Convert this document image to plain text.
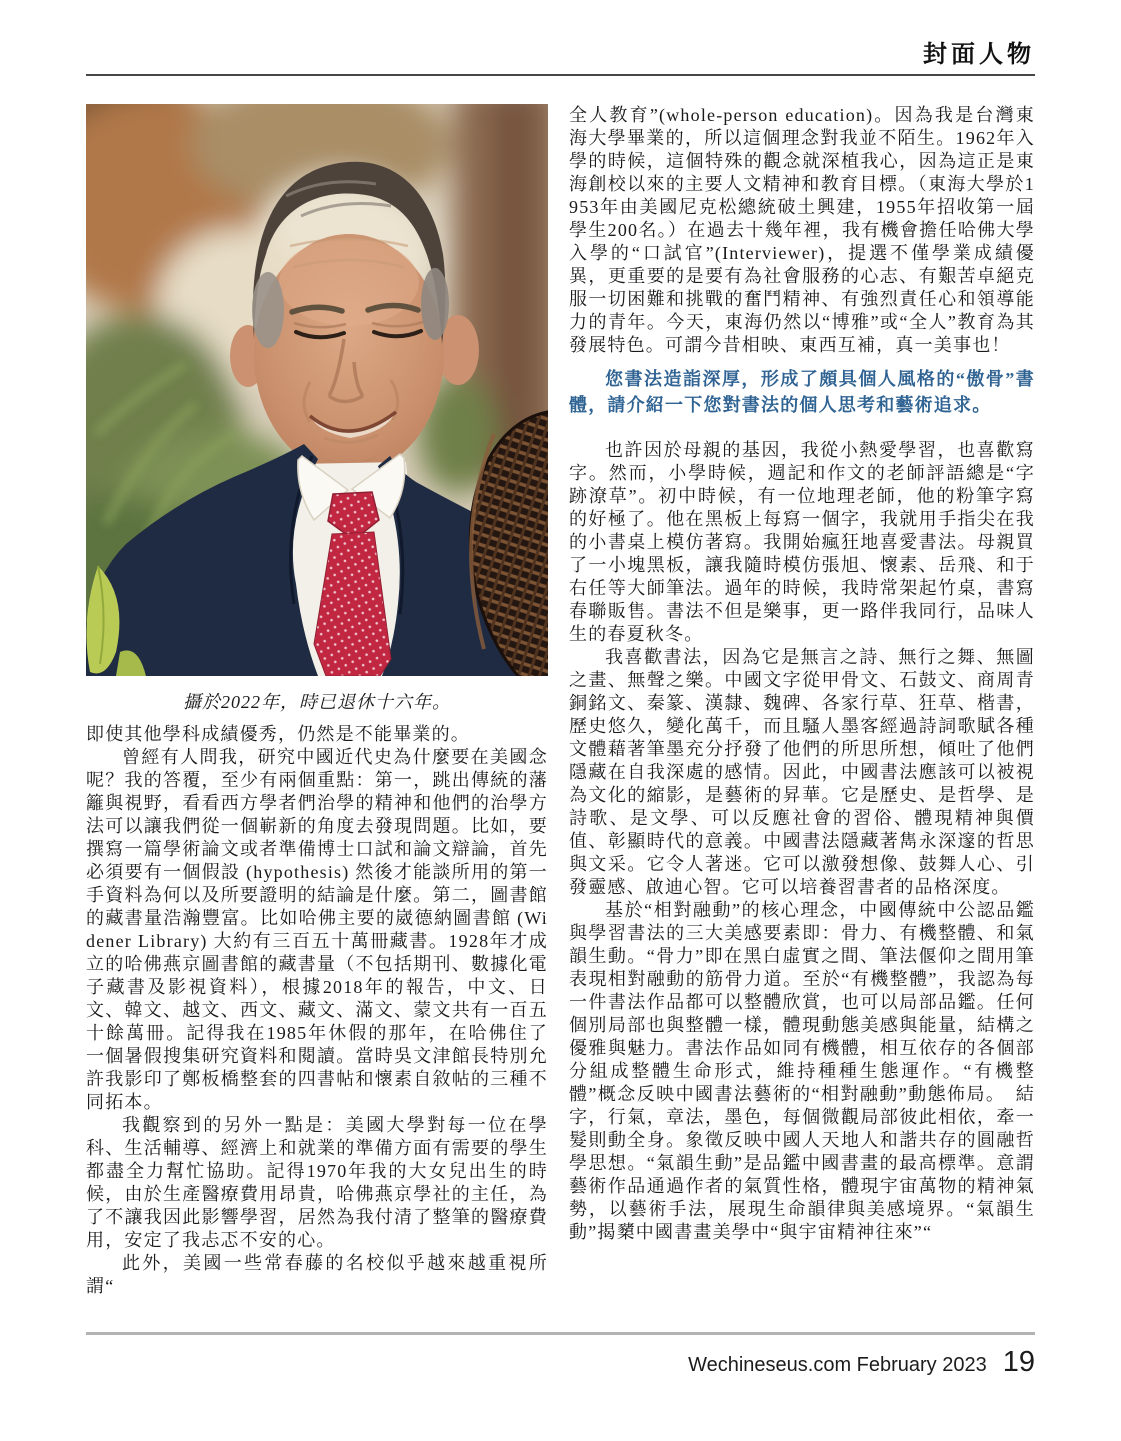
封面人物
攝於2022年，時已退休十六年。

即使其他學科成績優秀，仍然是不能畢業的。

曾經有人問我，研究中國近代史為什麼要在美國念呢？我的答覆，至少有兩個重點：第一，跳出傳統的藩籬與視野，看看西方學者們治學的精神和他們的治學方法可以讓我們從一個嶄新的角度去發現問題。比如，要撰寫一篇學術論文或者準備博士口試和論文辯論，首先必須要有一個假設 (hypothesis) 然後才能談所用的第一手資料為何以及所要證明的結論是什麼。第二，圖書館的藏書量浩瀚豐富。比如哈佛主要的崴德納圖書館 (Widener Library) 大約有三百五十萬冊藏書。1928年才成立的哈佛燕京圖書館的藏書量（不包括期刊、數據化電子藏書及影視資料），根據2018年的報告，中文、日文、韓文、越文、西文、藏文、滿文、蒙文共有一百五十餘萬冊。記得我在1985年休假的那年，在哈佛住了一個暑假搜集研究資料和閱讀。當時吳文津館長特別允許我影印了鄭板橋整套的四書帖和懷素自敘帖的三種不同拓本。

我觀察到的另外一點是：美國大學對每一位在學科、生活輔導、經濟上和就業的準備方面有需要的學生都盡全力幫忙協助。記得1970年我的大女兒出生的時候，由於生產醫療費用昂貴，哈佛燕京學社的主任，為了不讓我因此影響學習，居然為我付清了整筆的醫療費用，安定了我忐忑不安的心。

此外，美國一些常春藤的名校似乎越來越重視所謂“

全人教育”(whole-person education)。因為我是台灣東海大學畢業的，所以這個理念對我並不陌生。1962年入學的時候，這個特殊的觀念就深植我心，因為這正是東海創校以來的主要人文精神和教育目標。（東海大學於1953年由美國尼克松總統破土興建，1955年招收第一屆學生200名。）在過去十幾年裡，我有機會擔任哈佛大學入學的“口試官”(Interviewer)，提選不僅學業成績優異，更重要的是要有為社會服務的心志、有艱苦卓絕克服一切困難和挑戰的奮鬥精神、有強烈責任心和領導能力的青年。今天，東海仍然以“博雅”或“全人”教育為其發展特色。可謂今昔相映、東西互補，真一美事也！

您書法造詣深厚，形成了頗具個人風格的“傲骨”書體，請介紹一下您對書法的個人思考和藝術追求。

也許因於母親的基因，我從小熱愛學習，也喜歡寫字。然而，小學時候，週記和作文的老師評語總是“字跡潦草”。初中時候，有一位地理老師，他的粉筆字寫的好極了。他在黑板上每寫一個字，我就用手指尖在我的小書桌上模仿著寫。我開始瘋狂地喜愛書法。母親買了一小塊黑板，讓我隨時模仿張旭、懷素、岳飛、和于右任等大師筆法。過年的時候，我時常架起竹桌，書寫春聯販售。書法不但是樂事，更一路伴我同行，品味人生的春夏秋冬。

我喜歡書法，因為它是無言之詩、無行之舞、無圖之畫、無聲之樂。中國文字從甲骨文、石鼓文、商周青銅銘文、秦篆、漢隸、魏碑、各家行草、狂草、楷書，歷史悠久，變化萬千，而且騷人墨客經過詩詞歌賦各種文體藉著筆墨充分抒發了他們的所思所想，傾吐了他們隱藏在自我深處的感情。因此，中國書法應該可以被視為文化的縮影，是藝術的昇華。它是歷史、是哲學、是詩歌、是文學、可以反應社會的習俗、體現精神與價值、彰顯時代的意義。中國書法隱藏著雋永深邃的哲思與文采。它令人著迷。它可以激發想像、鼓舞人心、引發靈感、啟迪心智。它可以培養習書者的品格深度。

基於“相對融動”的核心理念，中國傳統中公認品鑑與學習書法的三大美感要素即：骨力、有機整體、和氣韻生動。“骨力”即在黑白虛實之間、筆法偃仰之間用筆表現相對融動的筋骨力道。至於“有機整體”，我認為每一件書法作品都可以整體欣賞，也可以局部品鑑。任何個別局部也與整體一樣，體現動態美感與能量，結構之優雅與魅力。書法作品如同有機體，相互依存的各個部分組成整體生命形式，維持種種生態運作。“有機整體”概念反映中國書法藝術的“相對融動”動態佈局。　結字，行氣，章法，墨色，每個微觀局部彼此相依，牽一髮則動全身。象徵反映中國人天地人和諧共存的圓融哲學思想。“氣韻生動”是品鑑中國書畫的最高標準。意謂藝術作品通過作者的氣質性格，體現宇宙萬物的精神氣勢，以藝術手法，展現生命韻律與美感境界。“氣韻生動”揭櫫中國書畫美學中“與宇宙精神往來”“

Wechineseus.com February 2023 19
